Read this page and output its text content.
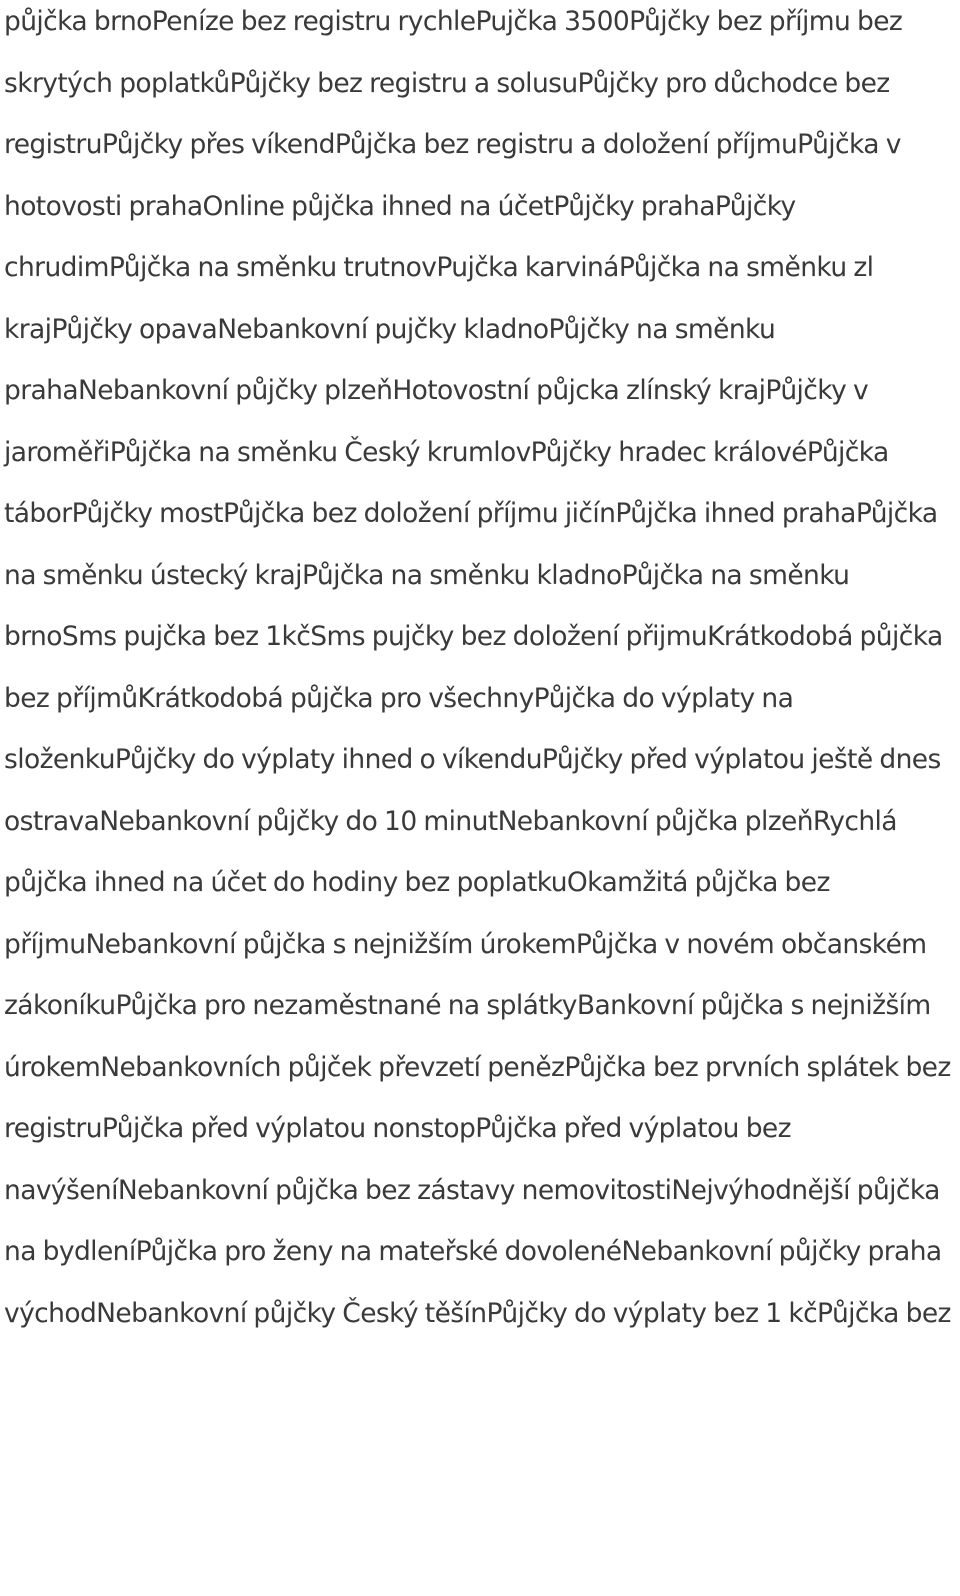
půjčka brnoPeníze bez registru rychlePujčka 3500Půjčky bez příjmu bez skrytých poplatkůPůjčky bez registru a solusuPůjčky pro důchodce bez registruPůjčky přes víkendPůjčka bez registru a doložení příjmuPůjčka v hotovosti prahaOnline půjčka ihned na účetPůjčky prahaPůjčky chrudimPůjčka na směnku trutnovPujčka karvináPůjčka na směnku zl krajPůjčky opavaNebankovní pujčky kladnoPůjčky na směnku prahaNebankovní půjčky plzeňHotovostní půjcka zlínský krajPůjčky v jaroměřiPůjčka na směnku Český krumlovPůjčky hradec královéPůjčka táborPůjčky mostPůjčka bez doložení příjmu jičínPůjčka ihned prahaPůjčka na směnku ústecký krajPůjčka na směnku kladnoPůjčka na směnku brnoSms pujčka bez 1kčSms pujčky bez doložení přijmuKrátkodobá půjčka bez příjmůKrátkodobá půjčka pro všechnyPůjčka do výplaty na složenkuPůjčky do výplaty ihned o víkenduPůjčky před výplatou ještě dnes ostravaNebankovní půjčky do 10 minutNebankovní půjčka plzeňRychlá půjčka ihned na účet do hodiny bez poplatkuOkamžitá půjčka bez příjmuNebankovní půjčka s nejnižším úrokemPůjčka v novém občanském zákoníkuPůjčka pro nezaměstnané na splátkyBankovní půjčka s nejnižším úrokemNebankovních půjček převzetí penězPůjčka bez prvních splátek bez registruPůjčka před výplatou nonstopPůjčka před výplatou bez navýšeníNebankovní půjčka bez zástavy nemovitostiNejvýhodnější půjčka na bydleníPůjčka pro ženy na mateřské dovolenéNebankovní půjčky praha východNebankovní půjčky Český těšínPůjčky do výplaty bez 1 kčPůjčka bez
